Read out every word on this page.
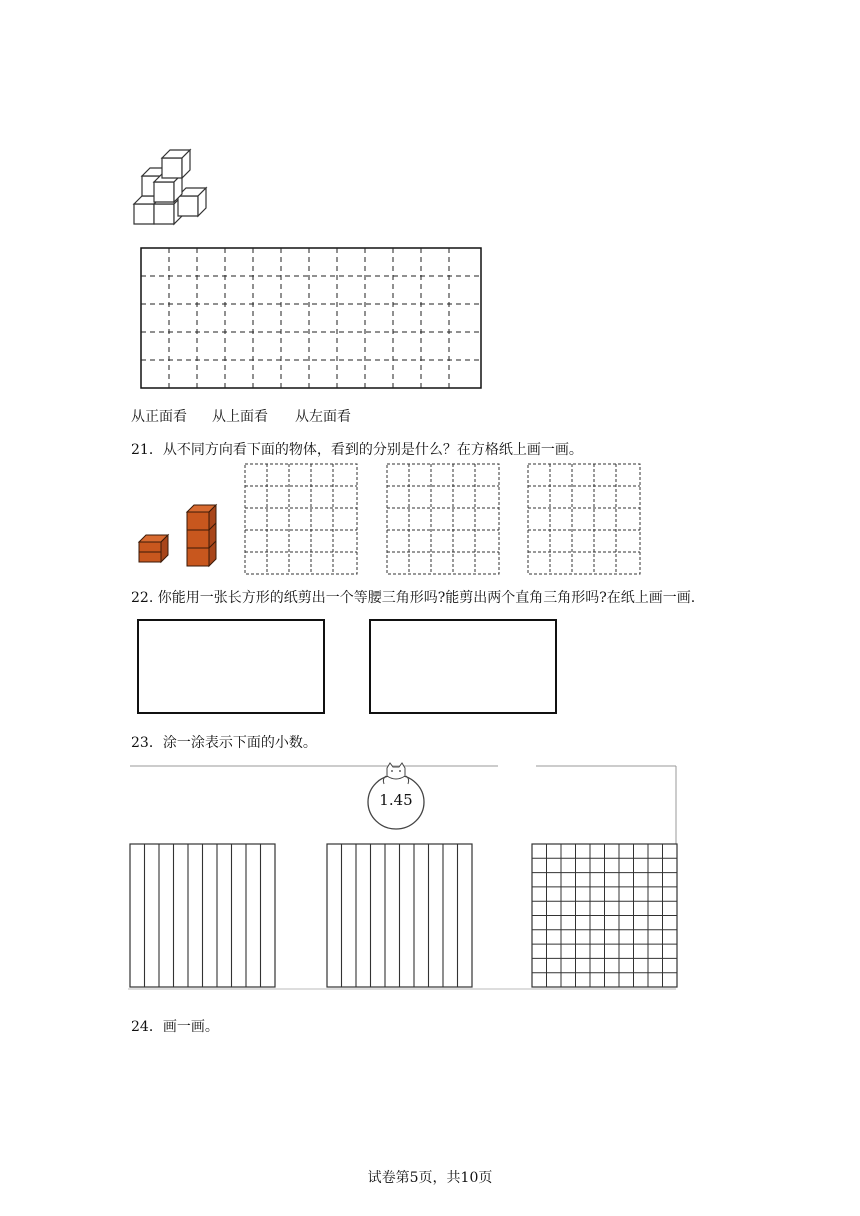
从正面看 从上面看 从左面看
21．从不同方向看下面的物体，看到的分别是什么？在方格纸上画一画。
22. 你能用一张长方形的纸剪出一个等腰三角形吗?能剪出两个直角三角形吗?在纸上画一画.
23．涂一涂表示下面的小数。
1.45
24．画一画。
试卷第5页，共10页
